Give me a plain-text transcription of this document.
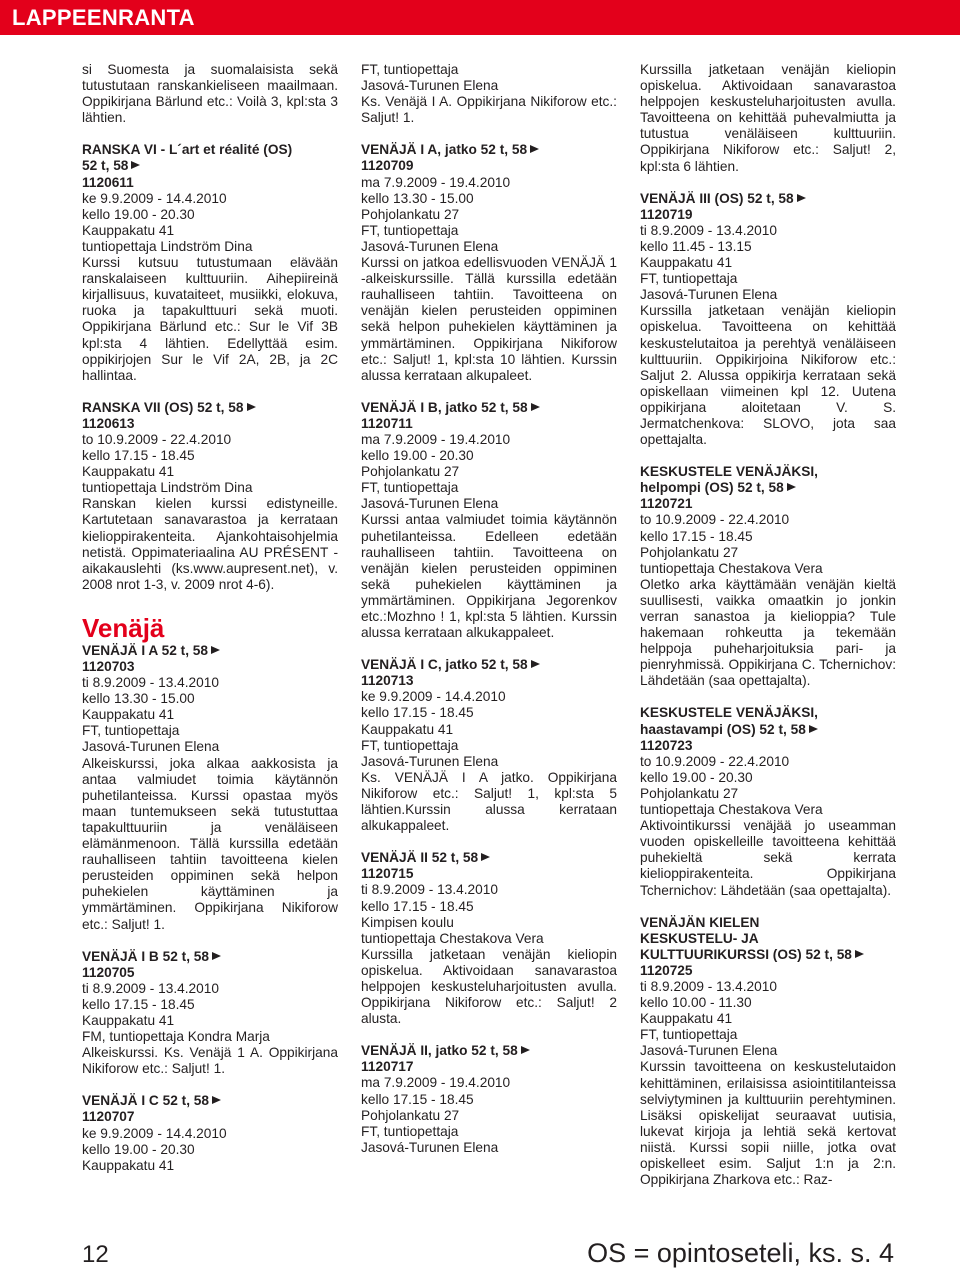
LAPPEENRANTA

si Suomesta ja suomalaisista sekä tutustutaan ranskankieliseen maailmaan. Oppikirjana Bärlund etc.: Voilà 3, kpl:sta 3 lähtien.

RANSKA VI - L´art et réalité (OS)

52 t, 58

1120611

ke 9.9.2009 - 14.4.2010

kello 19.00 - 20.30

Kauppakatu 41

tuntiopettaja Lindström Dina

Kurssi kutsuu tutustumaan elävään ranskalaiseen kulttuuriin. Aihepiireinä kirjallisuus, kuvataiteet, musiikki, elokuva, ruoka ja tapakulttuuri sekä muoti. Oppikirjana Bärlund etc.: Sur le Vif 3B kpl:sta 4 lähtien. Edellyttää esim. oppikirjojen Sur le Vif 2A, 2B, ja 2C hallintaa.

RANSKA VII (OS) 52 t, 58

1120613

to 10.9.2009 - 22.4.2010

kello 17.15 - 18.45

Kauppakatu 41

tuntiopettaja Lindström Dina

Ranskan kielen kurssi edistyneille. Kartutetaan sanavarastoa ja kerrataan kielioppirakenteita. Ajankohtaisohjelmia netistä. Oppimateriaalina AU PRÉSENT -aikakauslehti (ks.www.aupresent.net), v. 2008 nrot 1-3, v. 2009 nrot 4-6).

Venäjä

VENÄJÄ I A 52 t, 58

1120703

ti 8.9.2009 - 13.4.2010

kello 13.30 - 15.00

Kauppakatu 41

FT, tuntiopettaja

Jasová-Turunen Elena

Alkeiskurssi, joka alkaa aakkosista ja antaa valmiudet toimia käytännön puhetilanteissa. Kurssi opastaa myös maan tuntemukseen sekä tutustuttaa tapakulttuuriin ja venäläiseen elämänmenoon. Tällä kurssilla edetään rauhalliseen tahtiin tavoitteena kielen perusteiden oppiminen sekä helpon puhekielen käyttäminen ja ymmärtäminen. Oppikirjana Nikiforow etc.: Saljut! 1.

VENÄJÄ I B 52 t, 58

1120705

ti 8.9.2009 - 13.4.2010

kello 17.15 - 18.45

Kauppakatu 41

FM, tuntiopettaja Kondra Marja

Alkeiskurssi. Ks. Venäjä 1 A. Oppikirjana Nikiforow etc.: Saljut! 1.

VENÄJÄ I C 52 t, 58

1120707

ke 9.9.2009 - 14.4.2010

kello 19.00 - 20.30

Kauppakatu 41

FT, tuntiopettaja

Jasová-Turunen Elena

Ks. Venäjä I A. Oppikirjana Nikiforow etc.: Saljut! 1.

VENÄJÄ I A, jatko 52 t, 58

1120709

ma 7.9.2009 - 19.4.2010

kello 13.30 - 15.00

Pohjolankatu 27

FT, tuntiopettaja

Jasová-Turunen Elena

Kurssi on jatkoa edellisvuoden VENÄJÄ 1 -alkeiskurssille. Tällä kurssilla edetään rauhalliseen tahtiin. Tavoitteena on venäjän kielen perusteiden oppiminen sekä helpon puhekielen käyttäminen ja ymmärtäminen. Oppikirjana Nikiforow etc.: Saljut! 1, kpl:sta 10 lähtien. Kurssin alussa kerrataan alkupaleet.

VENÄJÄ I B, jatko 52 t, 58

1120711

ma 7.9.2009 - 19.4.2010

kello 19.00 - 20.30

Pohjolankatu 27

FT, tuntiopettaja

Jasová-Turunen Elena

Kurssi antaa valmiudet toimia käytännön puhetilanteissa. Edelleen edetään rauhalliseen tahtiin. Tavoitteena on venäjän kielen perusteiden oppiminen sekä puhekielen käyttäminen ja ymmärtäminen. Oppikirjana Jegorenkov etc.:Mozhno ! 1, kpl:sta 5 lähtien. Kurssin alussa kerrataan alkukappaleet.

VENÄJÄ I C, jatko 52 t, 58

1120713

ke 9.9.2009 - 14.4.2010

kello 17.15 - 18.45

Kauppakatu 41

FT, tuntiopettaja

Jasová-Turunen Elena

Ks. VENÄJÄ I A jatko. Oppikirjana Nikiforow etc.: Saljut! 1, kpl:sta 5 lähtien.Kurssin alussa kerrataan alkukappaleet.

VENÄJÄ II 52 t, 58

1120715

ti 8.9.2009 - 13.4.2010

kello 17.15 - 18.45

Kimpisen koulu

tuntiopettaja Chestakova Vera

Kurssilla jatketaan venäjän kieliopin opiskelua. Aktivoidaan sanavarastoa helppojen keskusteluharjoitusten avulla. Oppikirjana Nikiforow etc.: Saljut! 2 alusta.

VENÄJÄ II, jatko 52 t, 58

1120717

ma 7.9.2009 - 19.4.2010

kello 17.15 - 18.45

Pohjolankatu 27

FT, tuntiopettaja

Jasová-Turunen Elena

Kurssilla jatketaan venäjän kieliopin opiskelua. Aktivoidaan sanavarastoa helppojen keskusteluharjoitusten avulla. Tavoitteena on kehittää puhevalmiutta ja tutustua venäläiseen kulttuuriin. Oppikirjana Nikiforow etc.: Saljut! 2, kpl:sta 6 lähtien.

VENÄJÄ III (OS) 52 t, 58

1120719

ti 8.9.2009 - 13.4.2010

kello 11.45 - 13.15

Kauppakatu 41

FT, tuntiopettaja

Jasová-Turunen Elena

Kurssilla jatketaan venäjän kieliopin opiskelua. Tavoitteena on kehittää keskustelutaitoa ja perehtyä venäläiseen kulttuuriin. Oppikirjoina Nikiforow etc.: Saljut 2. Alussa oppikirja kerrataan sekä opiskellaan viimeinen kpl 12. Uutena oppikirjana aloitetaan V. S. Jermatchenkova: SLOVO, jota saa opettajalta.

KESKUSTELE VENÄJÄKSI,

helpompi (OS) 52 t, 58

1120721

to 10.9.2009 - 22.4.2010

kello 17.15 - 18.45

Pohjolankatu 27

tuntiopettaja Chestakova Vera

Oletko arka käyttämään venäjän kieltä suullisesti, vaikka omaatkin jo jonkin verran sanastoa ja kielioppia? Tule hakemaan rohkeutta ja tekemään helppoja puheharjoituksia pari- ja pienryhmissä. Oppikirjana C. Tchernichov: Lähdetään (saa opettajalta).

KESKUSTELE VENÄJÄKSI,

haastavampi (OS) 52 t, 58

1120723

to 10.9.2009 - 22.4.2010

kello 19.00 - 20.30

Pohjolankatu 27

tuntiopettaja Chestakova Vera

Aktivointikurssi venäjää jo useamman vuoden opiskelleille tavoitteena kehittää puhekieltä sekä kerrata kielioppirakenteita. Oppikirjana Tchernichov: Lähdetään (saa opettajalta).

VENÄJÄN KIELEN

KESKUSTELU- JA

KULTTUURIKURSSI (OS) 52 t, 58

1120725

ti 8.9.2009 - 13.4.2010

kello 10.00 - 11.30

Kauppakatu 41

FT, tuntiopettaja

Jasová-Turunen Elena

Kurssin tavoitteena on keskustelutaidon kehittäminen, erilaisissa asiointitilanteissa selviytyminen ja kulttuuriin perehtyminen. Lisäksi opiskelijat seuraavat uutisia, lukevat kirjoja ja lehtiä sekä kertovat niistä. Kurssi sopii niille, jotka ovat opiskelleet esim. Saljut 1:n ja 2:n. Oppikirjana Zharkova etc.: Raz-

12	OS = opintoseteli, ks. s. 4
